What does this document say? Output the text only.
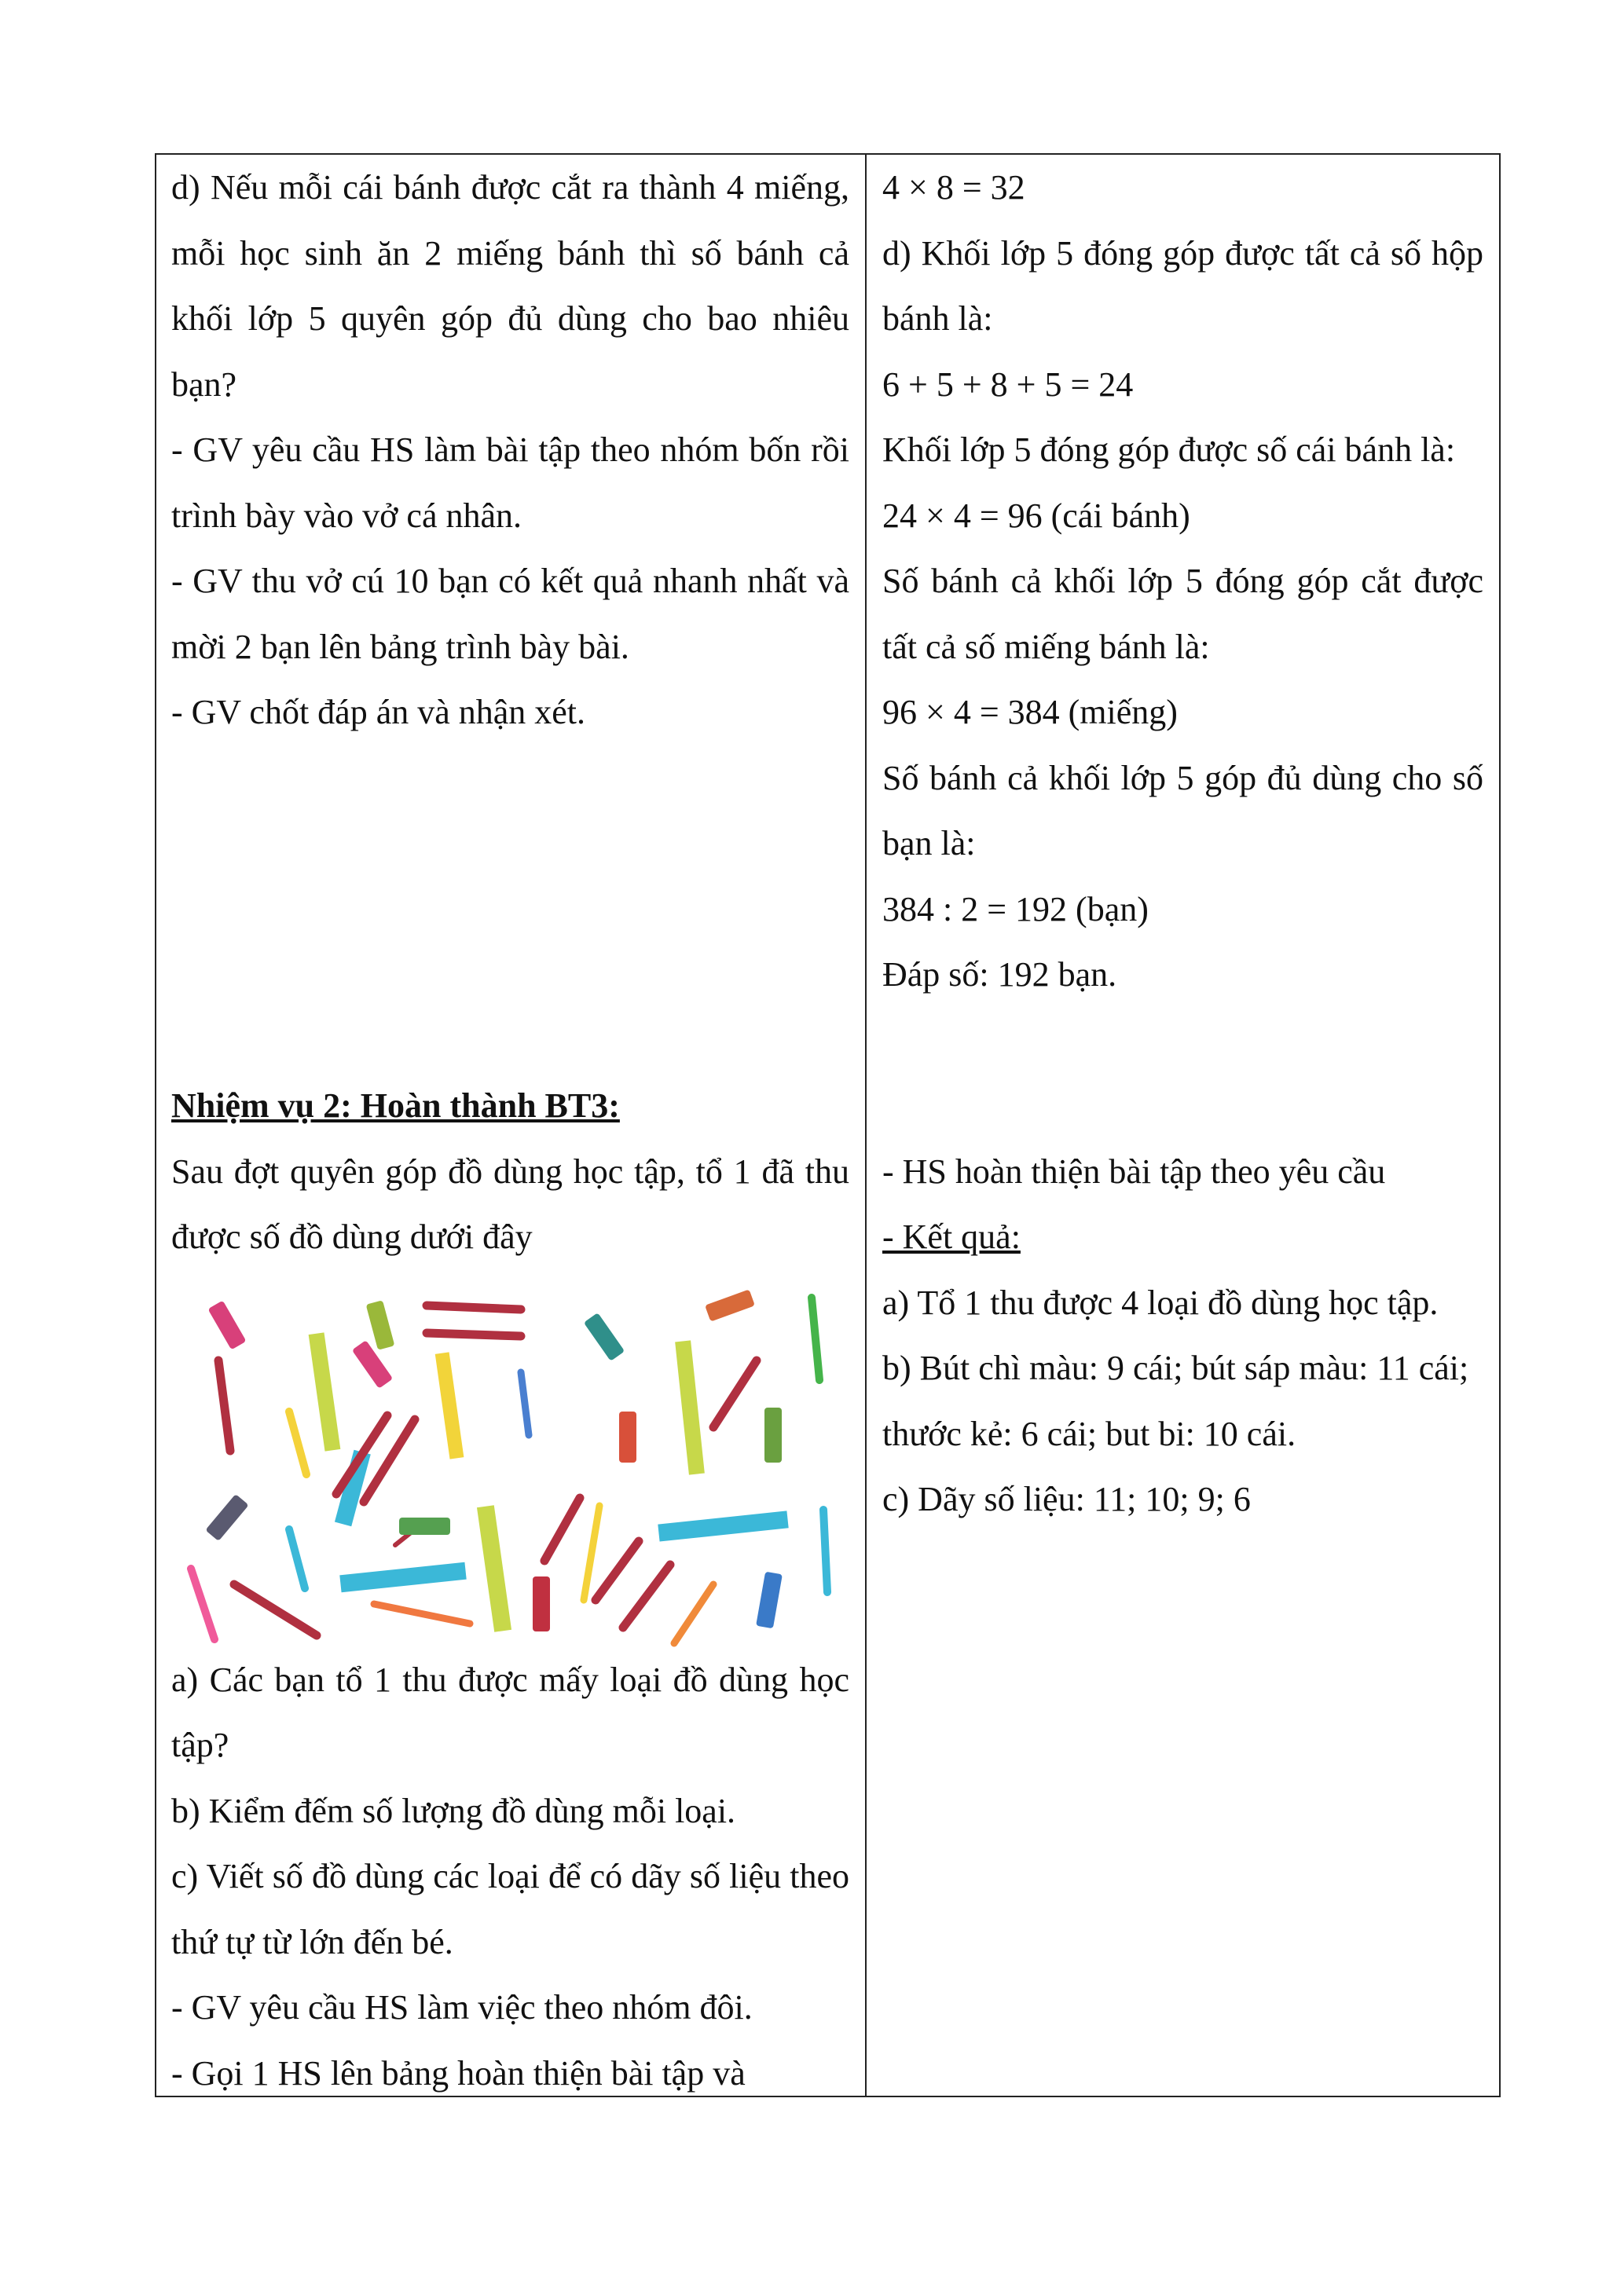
d) Nếu mỗi cái bánh được cắt ra thành 4 miếng, mỗi học sinh ăn 2 miếng bánh thì số bánh cả khối lớp 5 quyên góp đủ dùng cho bao nhiêu bạn?

- GV yêu cầu HS làm bài tập theo nhóm bốn rồi trình bày vào vở cá nhân.

- GV thu vở cú 10 bạn có kết quả nhanh nhất và mời 2 bạn lên bảng trình bày bài.

- GV chốt đáp án và nhận xét.

Nhiệm vụ 2: Hoàn thành BT3:

Sau đợt quyên góp đồ dùng học tập, tổ 1 đã thu được số đồ dùng dưới đây

a) Các bạn tổ 1 thu được mấy loại đồ dùng học tập?

b) Kiểm đếm số lượng đồ dùng mỗi loại.

c) Viết số đồ dùng các loại để có dãy số liệu theo thứ tự từ lớn đến bé.

- GV yêu cầu HS làm việc theo nhóm đôi.

- Gọi 1 HS lên bảng hoàn thiện bài tập và

4 × 8 = 32

d) Khối lớp 5 đóng góp được tất cả số hộp bánh là:

6 + 5 + 8 + 5 = 24

Khối lớp 5 đóng góp được số cái bánh là:

24 × 4 = 96 (cái bánh)

Số bánh cả khối lớp 5 đóng góp cắt được tất cả số miếng bánh là:

96 × 4 = 384 (miếng)

Số bánh cả khối lớp 5 góp đủ dùng cho số bạn là:

384 : 2 = 192 (bạn)

Đáp số: 192 bạn.

- HS hoàn thiện bài tập theo yêu cầu

- Kết quả:

a) Tổ 1 thu được 4 loại đồ dùng học tập.

b) Bút chì màu: 9 cái; bút sáp màu: 11 cái;

thước kẻ: 6 cái; but bi: 10 cái.

c) Dãy số liệu: 11; 10; 9; 6
